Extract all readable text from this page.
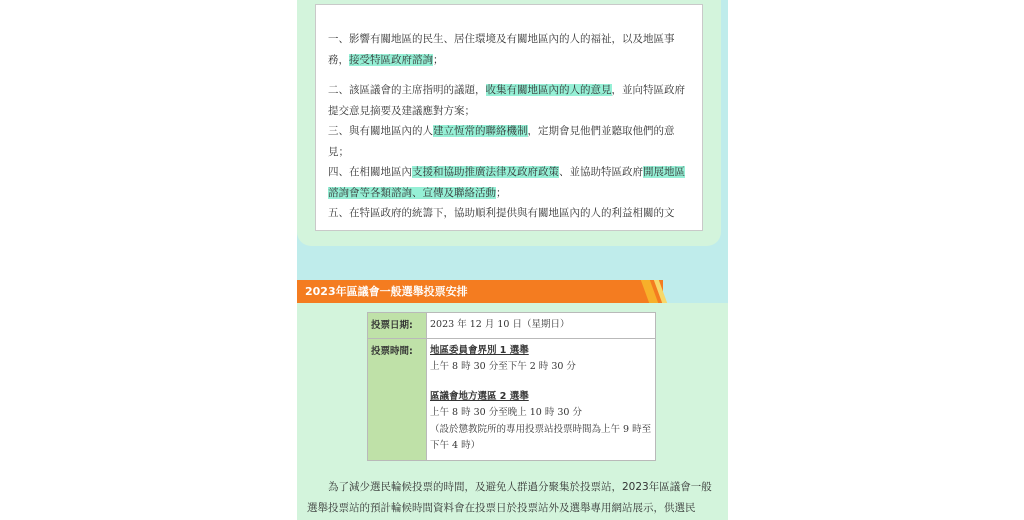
一、影響有關地區的民生、居住環境及有關地區內的人的福祉，以及地區事務，接受特區政府諮詢；

二、該區議會的主席指明的議題，收集有關地區內的人的意見，並向特區政府提交意見摘要及建議應對方案；

三、與有關地區內的人建立恆常的聯絡機制，定期會見他們並聽取他們的意見；

四、在相關地區內支援和協助推廣法律及政府政策、並協助特區政府開展地區諮詢會等各類諮詢、宣傳及聯絡活動；

五、在特區政府的統籌下，協助順利提供與有關地區內的人的利益相關的文

2023年區議會一般選舉投票安排
投票日期:	2023 年 12 月 10 日（星期日）
投票時間:	地區委員會界別 1 選舉
上午 8 時 30 分至下午 2 時 30 分
區議會地方選區 2 選舉
上午 8 時 30 分至晚上 10 時 30 分
（設於懲教院所的專用投票站投票時間為上午 9 時至下午 4 時）

為了減少選民輪候投票的時間，及避免人群過分聚集於投票站，2023年區議會一般選舉投票站的預計輪候時間資料會在投票日於投票站外及選舉專用網站展示，供選民
